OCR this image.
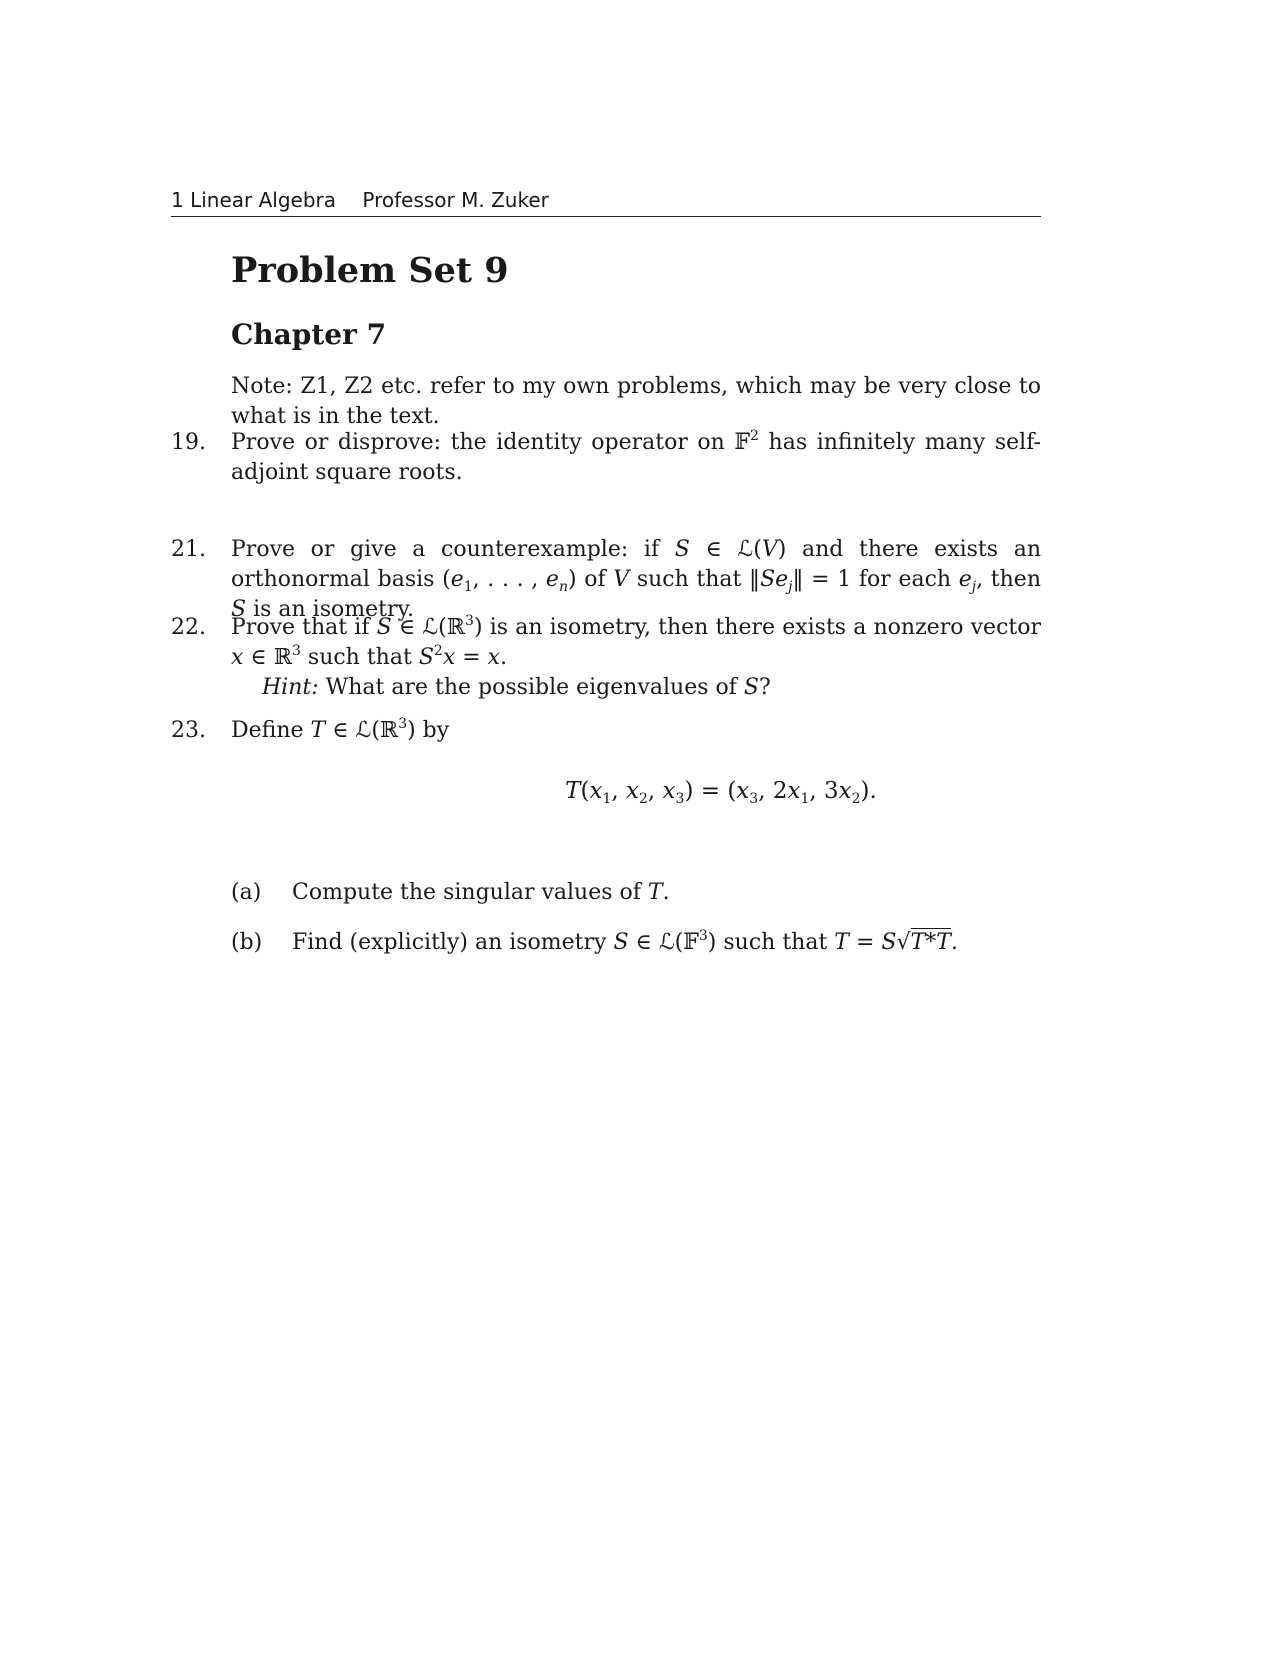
1 Linear Algebra Professor M. Zuker
Problem Set 9
Chapter 7

Note: Z1, Z2 etc. refer to my own problems, which may be very close to what is in the text.

19. Prove or disprove: the identity operator on 𝔽$^2$ has infinitely many self-adjoint square roots.
21. Prove or give a counterexample: if S ∈ ℒ(V) and there exists an orthonormal basis ($e_1$, . . . , $e_n$) of V such that $‖Se_j‖ = 1$ for each $e_j$, then S is an isometry.
22. Prove that if S ∈ ℒ(ℝ$^3$) is an isometry, then there exists a nonzero vector x ∈ ℝ$^3$ such that $S^2x = x$.
Hint: What are the possible eigenvalues of S?
23. Define T ∈ ℒ(ℝ$^3$) by
$T(x_1$, $x_2$, $x_3) = (x_3$, $2x_1$, $3x_2$).
(a) Compute the singular values of T.
(b) Find (explicitly) an isometry S ∈ ℒ(𝔽$^3$) such that T = S√T*T.
